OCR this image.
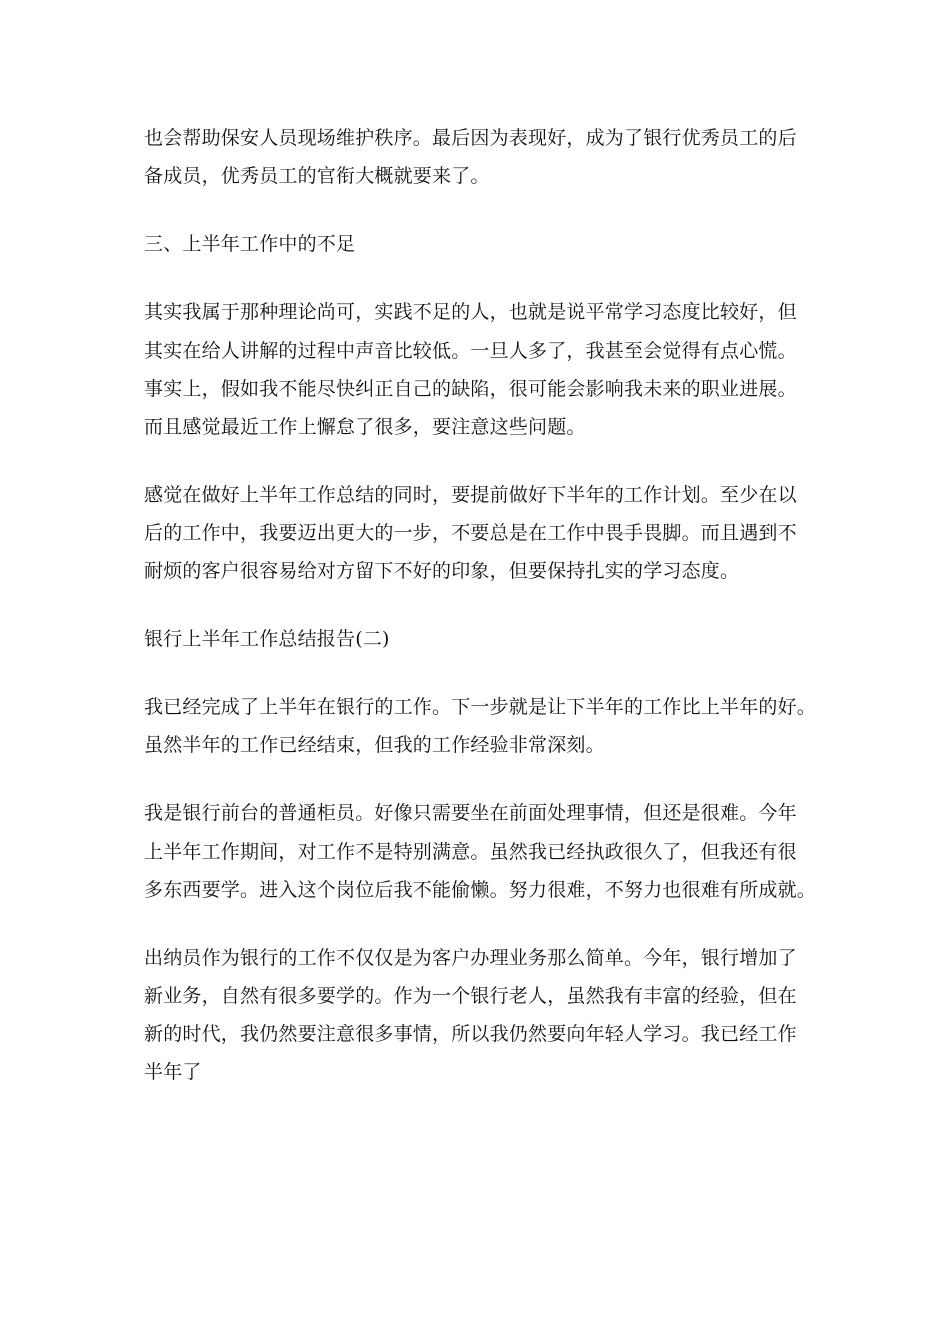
也会帮助保安人员现场维护秩序。最后因为表现好，成为了银行优秀员工的后
备成员，优秀员工的官衔大概就要来了。
三、上半年工作中的不足
其实我属于那种理论尚可，实践不足的人，也就是说平常学习态度比较好，但
其实在给人讲解的过程中声音比较低。一旦人多了，我甚至会觉得有点心慌。
事实上，假如我不能尽快纠正自己的缺陷，很可能会影响我未来的职业进展。
而且感觉最近工作上懈怠了很多，要注意这些问题。
感觉在做好上半年工作总结的同时，要提前做好下半年的工作计划。至少在以
后的工作中，我要迈出更大的一步，不要总是在工作中畏手畏脚。而且遇到不
耐烦的客户很容易给对方留下不好的印象，但要保持扎实的学习态度。
银行上半年工作总结报告(二)
我已经完成了上半年在银行的工作。下一步就是让下半年的工作比上半年的好。
虽然半年的工作已经结束，但我的工作经验非常深刻。
我是银行前台的普通柜员。好像只需要坐在前面处理事情，但还是很难。今年
上半年工作期间，对工作不是特别满意。虽然我已经执政很久了，但我还有很
多东西要学。进入这个岗位后我不能偷懒。努力很难，不努力也很难有所成就。
出纳员作为银行的工作不仅仅是为客户办理业务那么简单。今年，银行增加了
新业务，自然有很多要学的。作为一个银行老人，虽然我有丰富的经验，但在
新的时代，我仍然要注意很多事情，所以我仍然要向年轻人学习。我已经工作
半年了
